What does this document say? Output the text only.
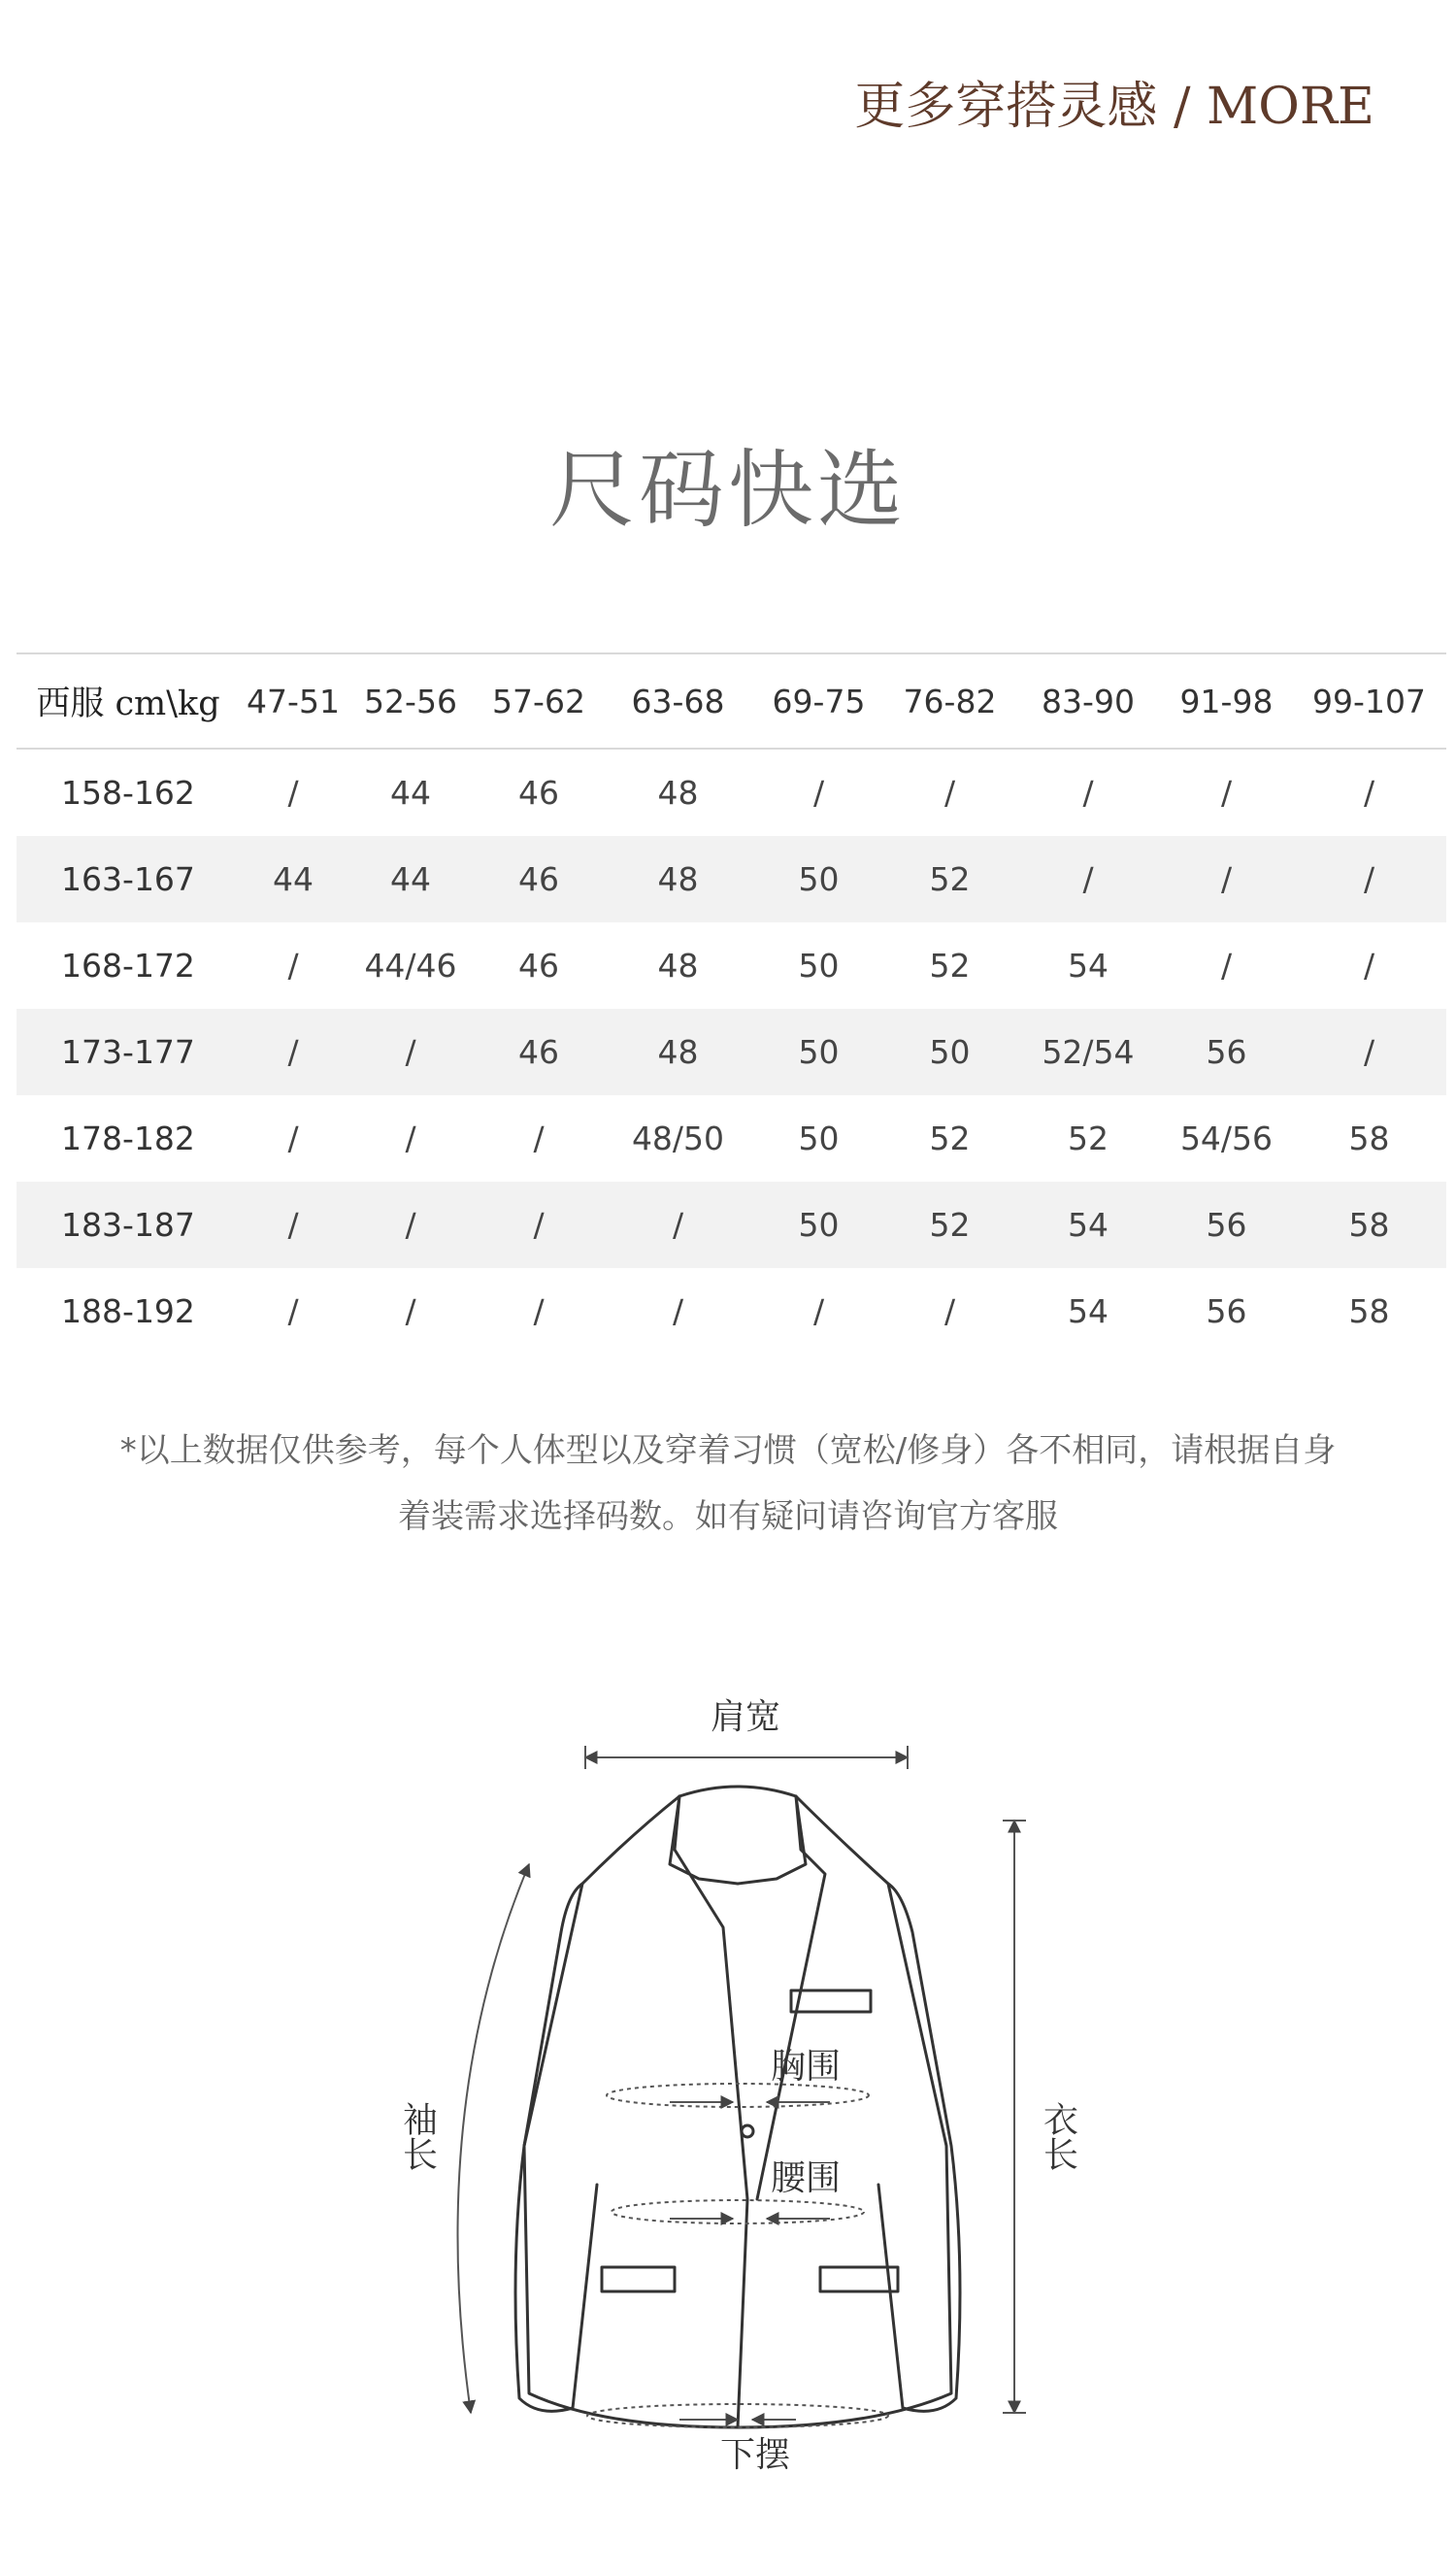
更多穿搭灵感 / MORE
尺码快选
西服 cm\kg	47-51	52-56	57-62	63-68	69-75	76-82	83-90	91-98	99-107
158-162	/	44	46	48	/	/	/	/	/
163-167	44	44	46	48	50	52	/	/	/
168-172	/	44/46	46	48	50	52	54	/	/
173-177	/	/	46	48	50	50	52/54	56	/
178-182	/	/	/	48/50	50	52	52	54/56	58
183-187	/	/	/	/	50	52	54	56	58
188-192	/	/	/	/	/	/	54	56	58

*以上数据仅供参考，每个人体型以及穿着习惯（宽松/修身）各不相同，请根据自身

着装需求选择码数。如有疑问请咨询官方客服

肩宽
胸围
腰围
下摆
袖长	衣长
